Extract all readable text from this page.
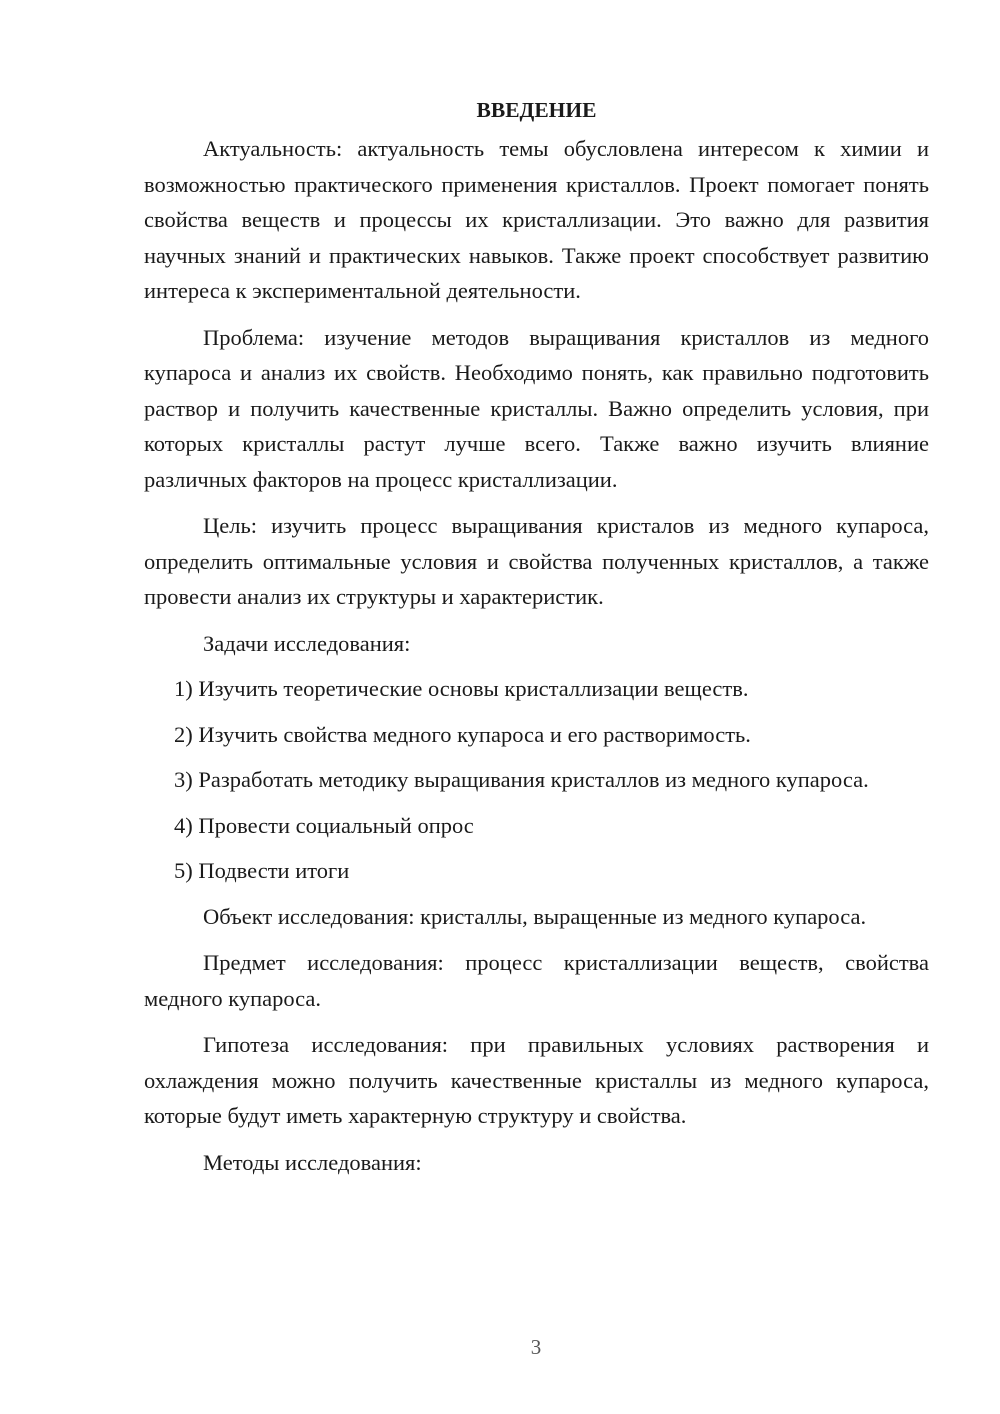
ВВЕДЕНИЕ

Актуальность: актуальность темы обусловлена интересом к химии и возможностью практического применения кристаллов. Проект помогает понять свойства веществ и процессы их кристаллизации. Это важно для развития научных знаний и практических навыков. Также проект способствует развитию интереса к экспериментальной деятельности.

Проблема: изучение методов выращивания кристаллов из медного купароса и анализ их свойств. Необходимо понять, как правильно подготовить раствор и получить качественные кристаллы. Важно определить условия, при которых кристаллы растут лучше всего. Также важно изучить влияние различных факторов на процесс кристаллизации.

Цель: изучить процесс выращивания кристалов из медного купароса, определить оптимальные условия и свойства полученных кристаллов, а также провести анализ их структуры и характеристик.

Задачи исследования:

1) Изучить теоретические основы кристаллизации веществ.

2) Изучить свойства медного купароса и его растворимость.

3) Разработать методику выращивания кристаллов из медного купароса.

4) Провести социальный опрос

5) Подвести итоги

Объект исследования: кристаллы, выращенные из медного купароса.

Предмет исследования: процесс кристаллизации веществ, свойства медного купароса.

Гипотеза исследования: при правильных условиях растворения и охлаждения можно получить качественные кристаллы из медного купароса, которые будут иметь характерную структуру и свойства.

Методы исследования:

3
